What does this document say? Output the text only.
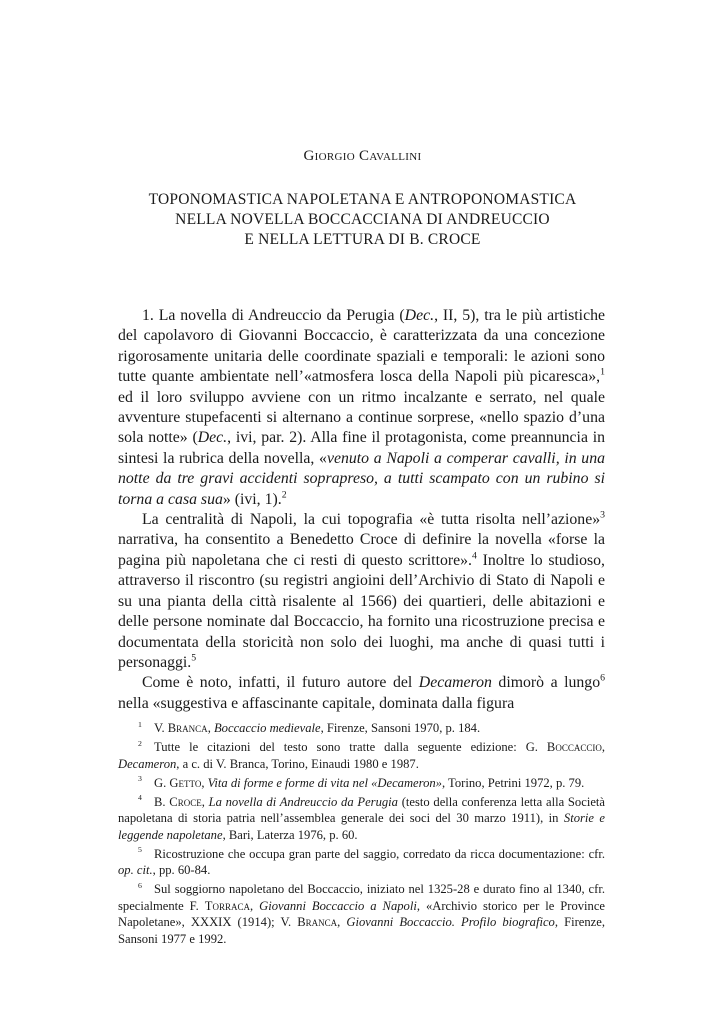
Giorgio Cavallini
TOPONOMASTICA NAPOLETANA E ANTROPONOMASTICA
NELLA NOVELLA BOCCACCIANA DI ANDREUCCIO
E NELLA LETTURA DI B. CROCE

1. La novella di Andreuccio da Perugia (Dec., II, 5), tra le più artistiche del capolavoro di Giovanni Boccaccio, è caratterizzata da una concezione rigorosamente unitaria delle coordinate spaziali e temporali: le azioni sono tutte quante ambientate nell’«atmosfera losca della Napoli più picaresca»,$^1$ ed il loro sviluppo avviene con un ritmo incalzante e serrato, nel quale avventure stupefacenti si alternano a continue sorprese, «nello spazio d’una sola notte» (Dec., ivi, par. 2). Alla fine il protagonista, come preannuncia in sintesi la rubrica della novella, «venuto a Napoli a comperar cavalli, in una notte da tre gravi accidenti soprapreso, a tutti scampato con un rubino si torna a casa sua» (ivi, 1).$^2$

La centralità di Napoli, la cui topografia «è tutta risolta nell’azione»$^3$ narrativa, ha consentito a Benedetto Croce di definire la novella «forse la pagina più napoletana che ci resti di questo scrittore».$^4$ Inoltre lo studioso, attraverso il riscontro (su registri angioini dell’Archivio di Stato di Napoli e su una pianta della città risalente al 1566) dei quartieri, delle abitazioni e delle persone nominate dal Boccaccio, ha fornito una ricostruzione precisa e documentata della storicità non solo dei luoghi, ma anche di quasi tutti i personaggi.$^5$

Come è noto, infatti, il futuro autore del Decameron dimorò a lungo$^6$ nella «suggestiva e affascinante capitale, dominata dalla figura

$^1$ V. Branca, Boccaccio medievale, Firenze, Sansoni 1970, p. 184.

$^2$ Tutte le citazioni del testo sono tratte dalla seguente edizione: G. Boccaccio, Decameron, a c. di V. Branca, Torino, Einaudi 1980 e 1987.

$^3$ G. Getto, Vita di forme e forme di vita nel «Decameron», Torino, Petrini 1972, p. 79.

$^4$ B. Croce, La novella di Andreuccio da Perugia (testo della conferenza letta alla Società napoletana di storia patria nell’assemblea generale dei soci del 30 marzo 1911), in Storie e leggende napoletane, Bari, Laterza 1976, p. 60.

$^5$ Ricostruzione che occupa gran parte del saggio, corredato da ricca documentazione: cfr. op. cit., pp. 60-84.

$^6$ Sul soggiorno napoletano del Boccaccio, iniziato nel 1325-28 e durato fino al 1340, cfr. specialmente F. Torraca, Giovanni Boccaccio a Napoli, «Archivio storico per le Province Napoletane», XXXIX (1914); V. Branca, Giovanni Boccaccio. Profilo biografico, Firenze, Sansoni 1977 e 1992.
